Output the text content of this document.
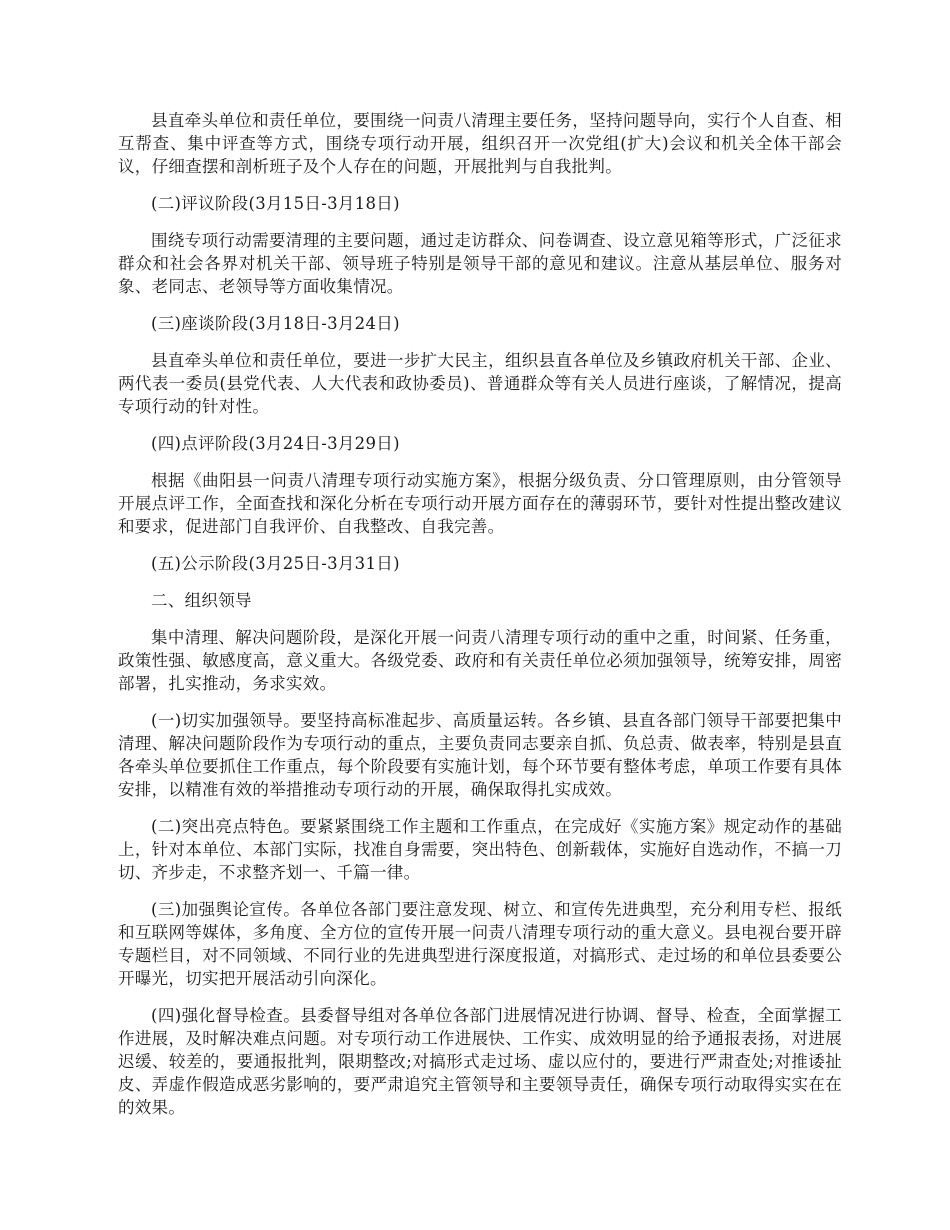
县直牵头单位和责任单位，要围绕一问责八清理主要任务，坚持问题导向，实行个人自查、相互帮查、集中评查等方式，围绕专项行动开展，组织召开一次党组(扩大)会议和机关全体干部会议，仔细查摆和剖析班子及个人存在的问题，开展批判与自我批判。

(二)评议阶段(3月15日-3月18日)

围绕专项行动需要清理的主要问题，通过走访群众、问卷调查、设立意见箱等形式，广泛征求群众和社会各界对机关干部、领导班子特别是领导干部的意见和建议。注意从基层单位、服务对象、老同志、老领导等方面收集情况。

(三)座谈阶段(3月18日-3月24日)

县直牵头单位和责任单位，要进一步扩大民主，组织县直各单位及乡镇政府机关干部、企业、两代表一委员(县党代表、人大代表和政协委员)、普通群众等有关人员进行座谈，了解情况，提高专项行动的针对性。

(四)点评阶段(3月24日-3月29日)

根据《曲阳县一问责八清理专项行动实施方案》，根据分级负责、分口管理原则，由分管领导开展点评工作，全面查找和深化分析在专项行动开展方面存在的薄弱环节，要针对性提出整改建议和要求，促进部门自我评价、自我整改、自我完善。

(五)公示阶段(3月25日-3月31日)

二、组织领导

集中清理、解决问题阶段，是深化开展一问责八清理专项行动的重中之重，时间紧、任务重，政策性强、敏感度高，意义重大。各级党委、政府和有关责任单位必须加强领导，统筹安排，周密部署，扎实推动，务求实效。

(一)切实加强领导。要坚持高标准起步、高质量运转。各乡镇、县直各部门领导干部要把集中清理、解决问题阶段作为专项行动的重点，主要负责同志要亲自抓、负总责、做表率，特别是县直各牵头单位要抓住工作重点，每个阶段要有实施计划，每个环节要有整体考虑，单项工作要有具体安排，以精准有效的举措推动专项行动的开展，确保取得扎实成效。

(二)突出亮点特色。要紧紧围绕工作主题和工作重点，在完成好《实施方案》规定动作的基础上，针对本单位、本部门实际，找准自身需要，突出特色、创新载体，实施好自选动作，不搞一刀切、齐步走，不求整齐划一、千篇一律。

(三)加强舆论宣传。各单位各部门要注意发现、树立、和宣传先进典型，充分利用专栏、报纸和互联网等媒体，多角度、全方位的宣传开展一问责八清理专项行动的重大意义。县电视台要开辟专题栏目，对不同领域、不同行业的先进典型进行深度报道，对搞形式、走过场的和单位县委要公开曝光，切实把开展活动引向深化。

(四)强化督导检查。县委督导组对各单位各部门进展情况进行协调、督导、检查，全面掌握工作进展，及时解决难点问题。对专项行动工作进展快、工作实、成效明显的给予通报表扬，对进展迟缓、较差的，要通报批判，限期整改;对搞形式走过场、虚以应付的，要进行严肃查处;对推诿扯皮、弄虚作假造成恶劣影响的，要严肃追究主管领导和主要领导责任，确保专项行动取得实实在在的效果。
